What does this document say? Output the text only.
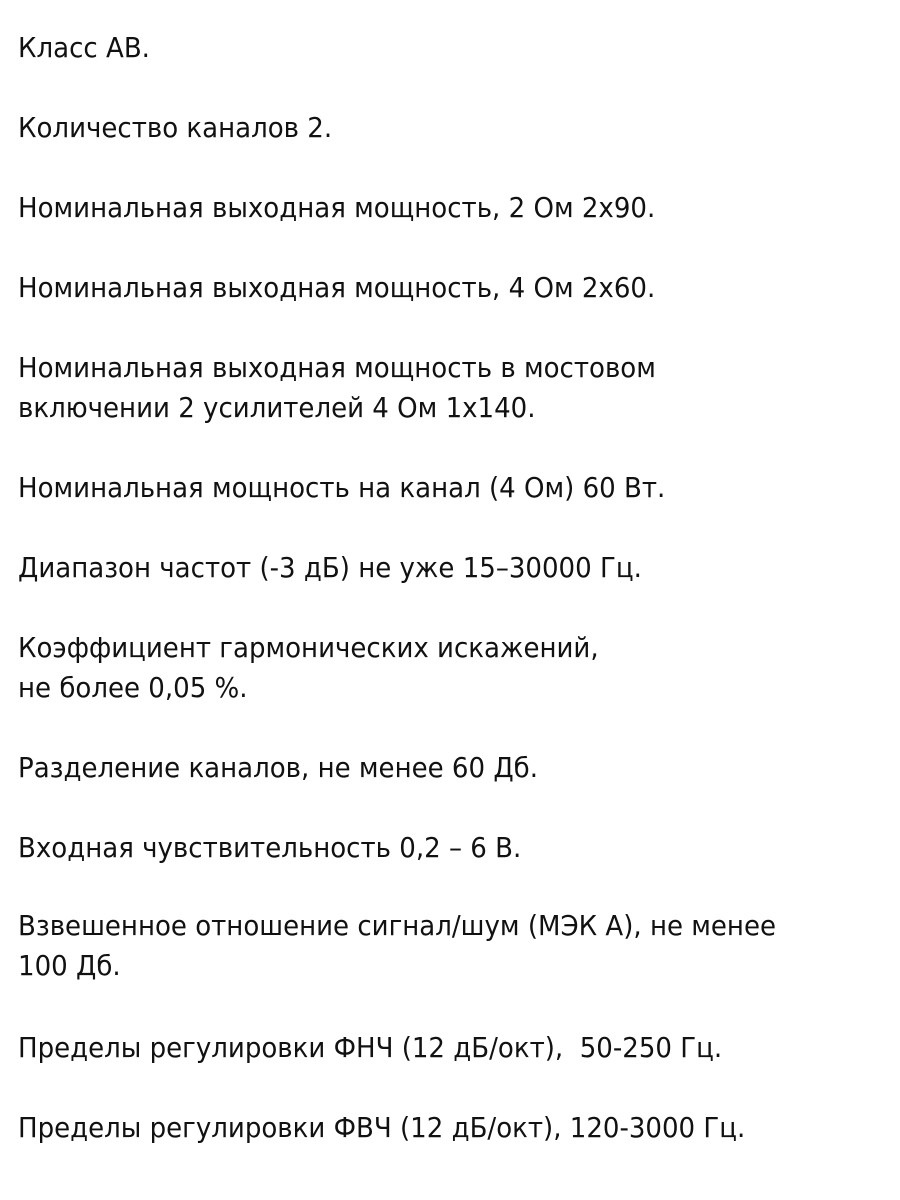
Класс АВ.

Количество каналов 2.

Номинальная выходная мощность, 2 Ом 2х90.

Номинальная выходная мощность, 4 Ом 2х60.

Номинальная выходная мощность в мостовом

включении 2 усилителей 4 Ом 1х140.

Номинальная мощность на канал (4 Ом) 60 Вт.

Диапазон частот (-3 дБ) не уже 15–30000 Гц.

Коэффициент гармонических искажений,

не более 0,05 %.

Разделение каналов, не менее 60 Дб.

Входная чувствительность 0,2 – 6 В.

Взвешенное отношение сигнал/шум (МЭК А), не менее

100 Дб.

Пределы регулировки ФНЧ (12 дБ/окт),  50-250 Гц.

Пределы регулировки ФВЧ (12 дБ/окт), 120-3000 Гц.
